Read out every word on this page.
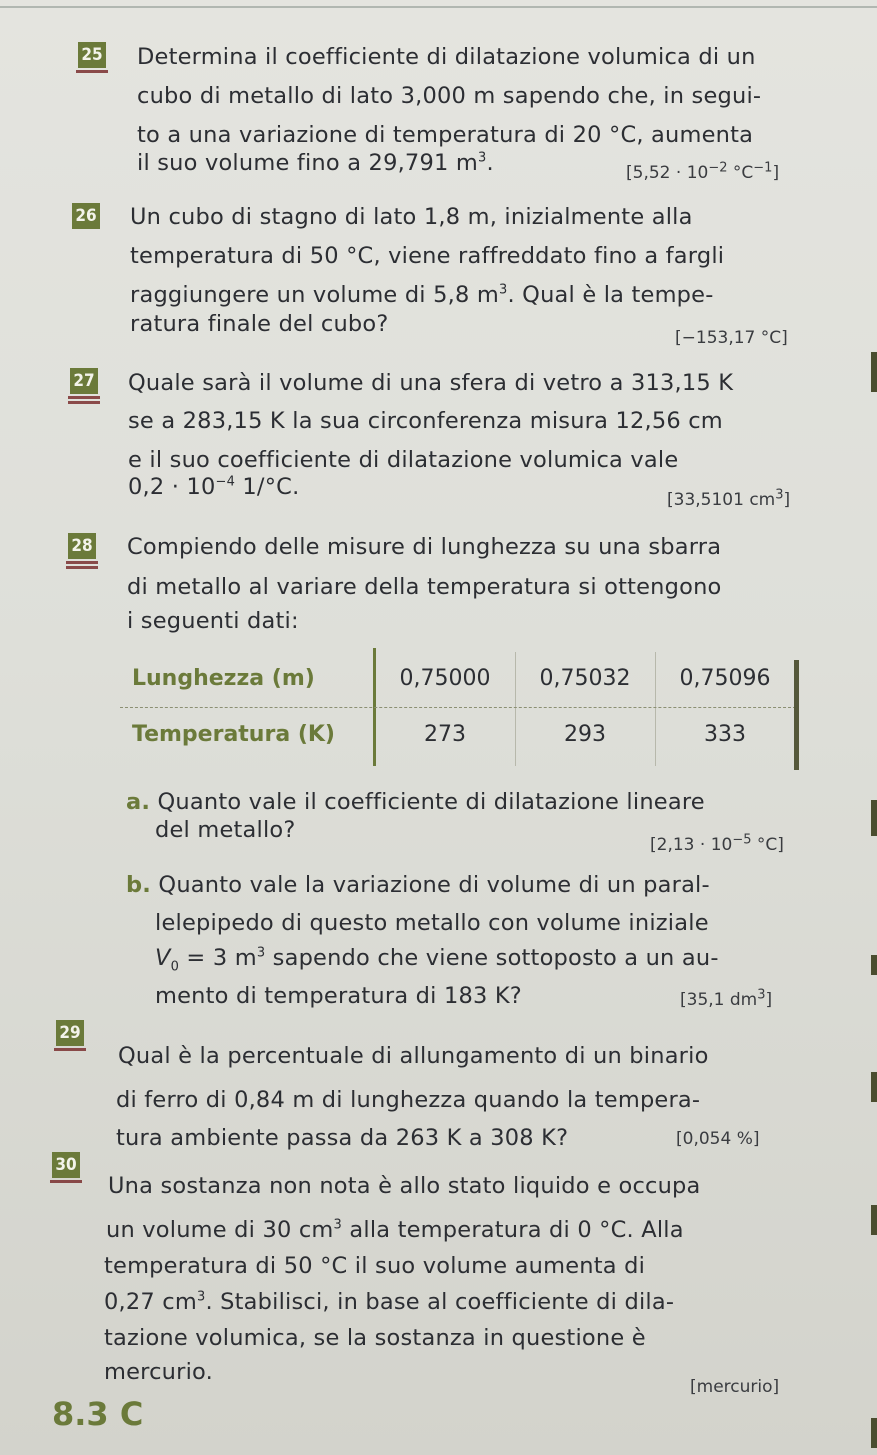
25 Determina il coefficiente di dilatazione volumica di un
cubo di metallo di lato 3,000 m sapendo che, in segui-
to a una variazione di temperatura di 20 °C, aumenta
il suo volume fino a 29,791 $m^3$.	[$5,52 \cdot 10^{-2}$ $^\circ C^{-1}$]
26 Un cubo di stagno di lato 1,8 m, inizialmente alla
temperatura di 50 °C, viene raffreddato fino a fargli
raggiungere un volume di 5,8 $m^3$. Qual è la tempe-
ratura finale del cubo?
[−153,17 °C]
27 Quale sarà il volume di una sfera di vetro a 313,15 K
se a 283,15 K la sua circonferenza misura 12,56 cm
e il suo coefficiente di dilatazione volumica vale
$0,2 \cdot 10^{-4}$ 1/°C.	[33,5101 $cm^3$]
28 Compiendo delle misure di lunghezza su una sbarra
di metallo al variare della temperatura si ottengono
i seguenti dati:
Lunghezza (m)	0,75000	0,75032	0,75096
Temperatura (K)	273	293	333
a. Quanto vale il coefficiente di dilatazione lineare
del metallo?
[$2,13 \cdot 10^{-5}$ °C]
b. Quanto vale la variazione di volume di un paral-
lelepipedo di questo metallo con volume iniziale
$V_0 = 3$ $m^3$ sapendo che viene sottoposto a un au-
mento di temperatura di 183 K?	[35,1 $dm^3$]
29
Qual è la percentuale di allungamento di un binario
di ferro di 0,84 m di lunghezza quando la tempera-
tura ambiente passa da 263 K a 308 K?	[0,054 %]
30
Una sostanza non nota è allo stato liquido e occupa
un volume di 30 $cm^3$ alla temperatura di 0 °C. Alla
temperatura di 50 °C il suo volume aumenta di
0,27 $cm^3$. Stabilisci, in base al coefficiente di dila-
tazione volumica, se la sostanza in questione è
mercurio.
[mercurio]
8.3 C
